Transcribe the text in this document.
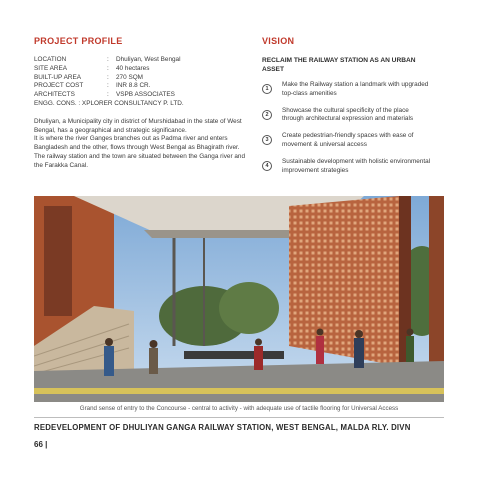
PROJECT PROFILE	VISION
LOCATION	:	Dhuliyan, West Bengal
SITE AREA	:	40 hectares
BUILT-UP AREA	:	270 SQM
PROJECT COST	:	INR 8.8 CR.
ARCHITECTS	:	VSPB ASSOCIATES
ENGG. CONS. : XPLORER CONSULTANCY P. LTD.

Dhuliyan, a Municipality city in district of Murshidabad in the state of West Bengal, has a geographical and strategic significance.

It is where the river Ganges branches out as Padma river and enters Bangladesh and the other, flows through West Bengal as Bhagirath river.

The railway station and the town are situated between the Ganga river and the Farakka Canal.

RECLAIM THE RAILWAY STATION AS AN URBAN ASSET
1
Make the Railway station a landmark with upgraded top-class amenities
2
Showcase the cultural specificity of the place through architectural expression and materials
3
Create pedestrian-friendly spaces with ease of movement & universal access
4
Sustainable development with holistic environmental improvement strategies
Grand sense of entry to the Concourse - central to activity - with adequate use of tactile flooring for Universal Access
REDEVELOPMENT OF DHULIYAN GANGA RAILWAY STATION, WEST BENGAL, MALDA RLY. DIVN
66 |
